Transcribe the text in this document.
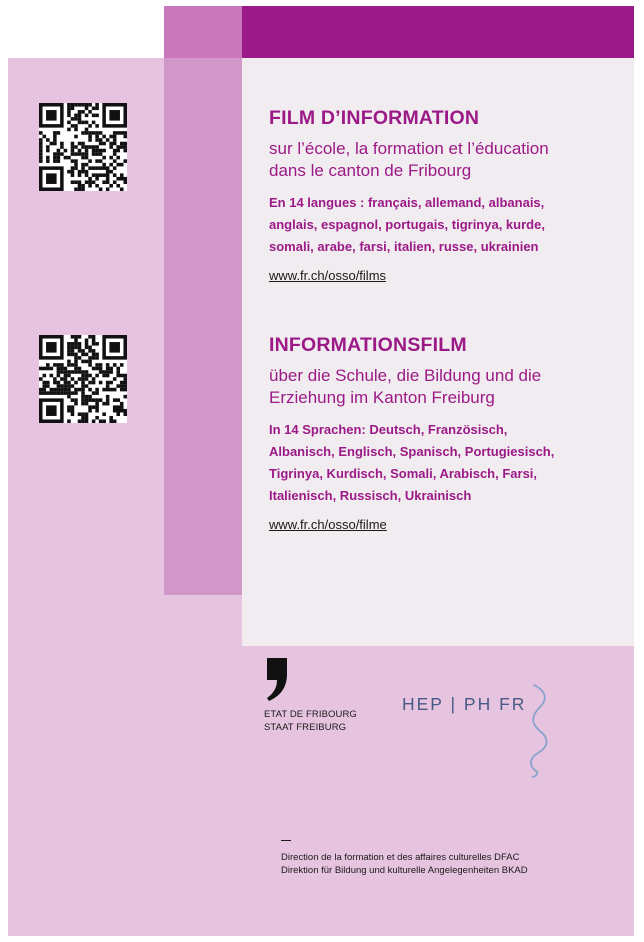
FILM D’INFORMATION
sur l’école, la formation et l’éducation
dans le canton de Fribourg
En 14 langues : français, allemand, albanais,
anglais, espagnol, portugais, tigrinya, kurde,
somali, arabe, farsi, italien, russe, ukrainien
www.fr.ch/osso/films
INFORMATIONSFILM
über die Schule, die Bildung und die
Erziehung im Kanton Freiburg
In 14 Sprachen: Deutsch, Französisch,
Albanisch, Englisch, Spanisch, Portugiesisch,
Tigrinya, Kurdisch, Somali, Arabisch, Farsi,
Italienisch, Russisch, Ukrainisch
www.fr.ch/osso/filme
ETAT DE FRIBOURG
STAAT FREIBURG
HEP | PH FR
Direction de la formation et des affaires culturelles DFAC
Direktion für Bildung und kulturelle Angelegenheiten BKAD
